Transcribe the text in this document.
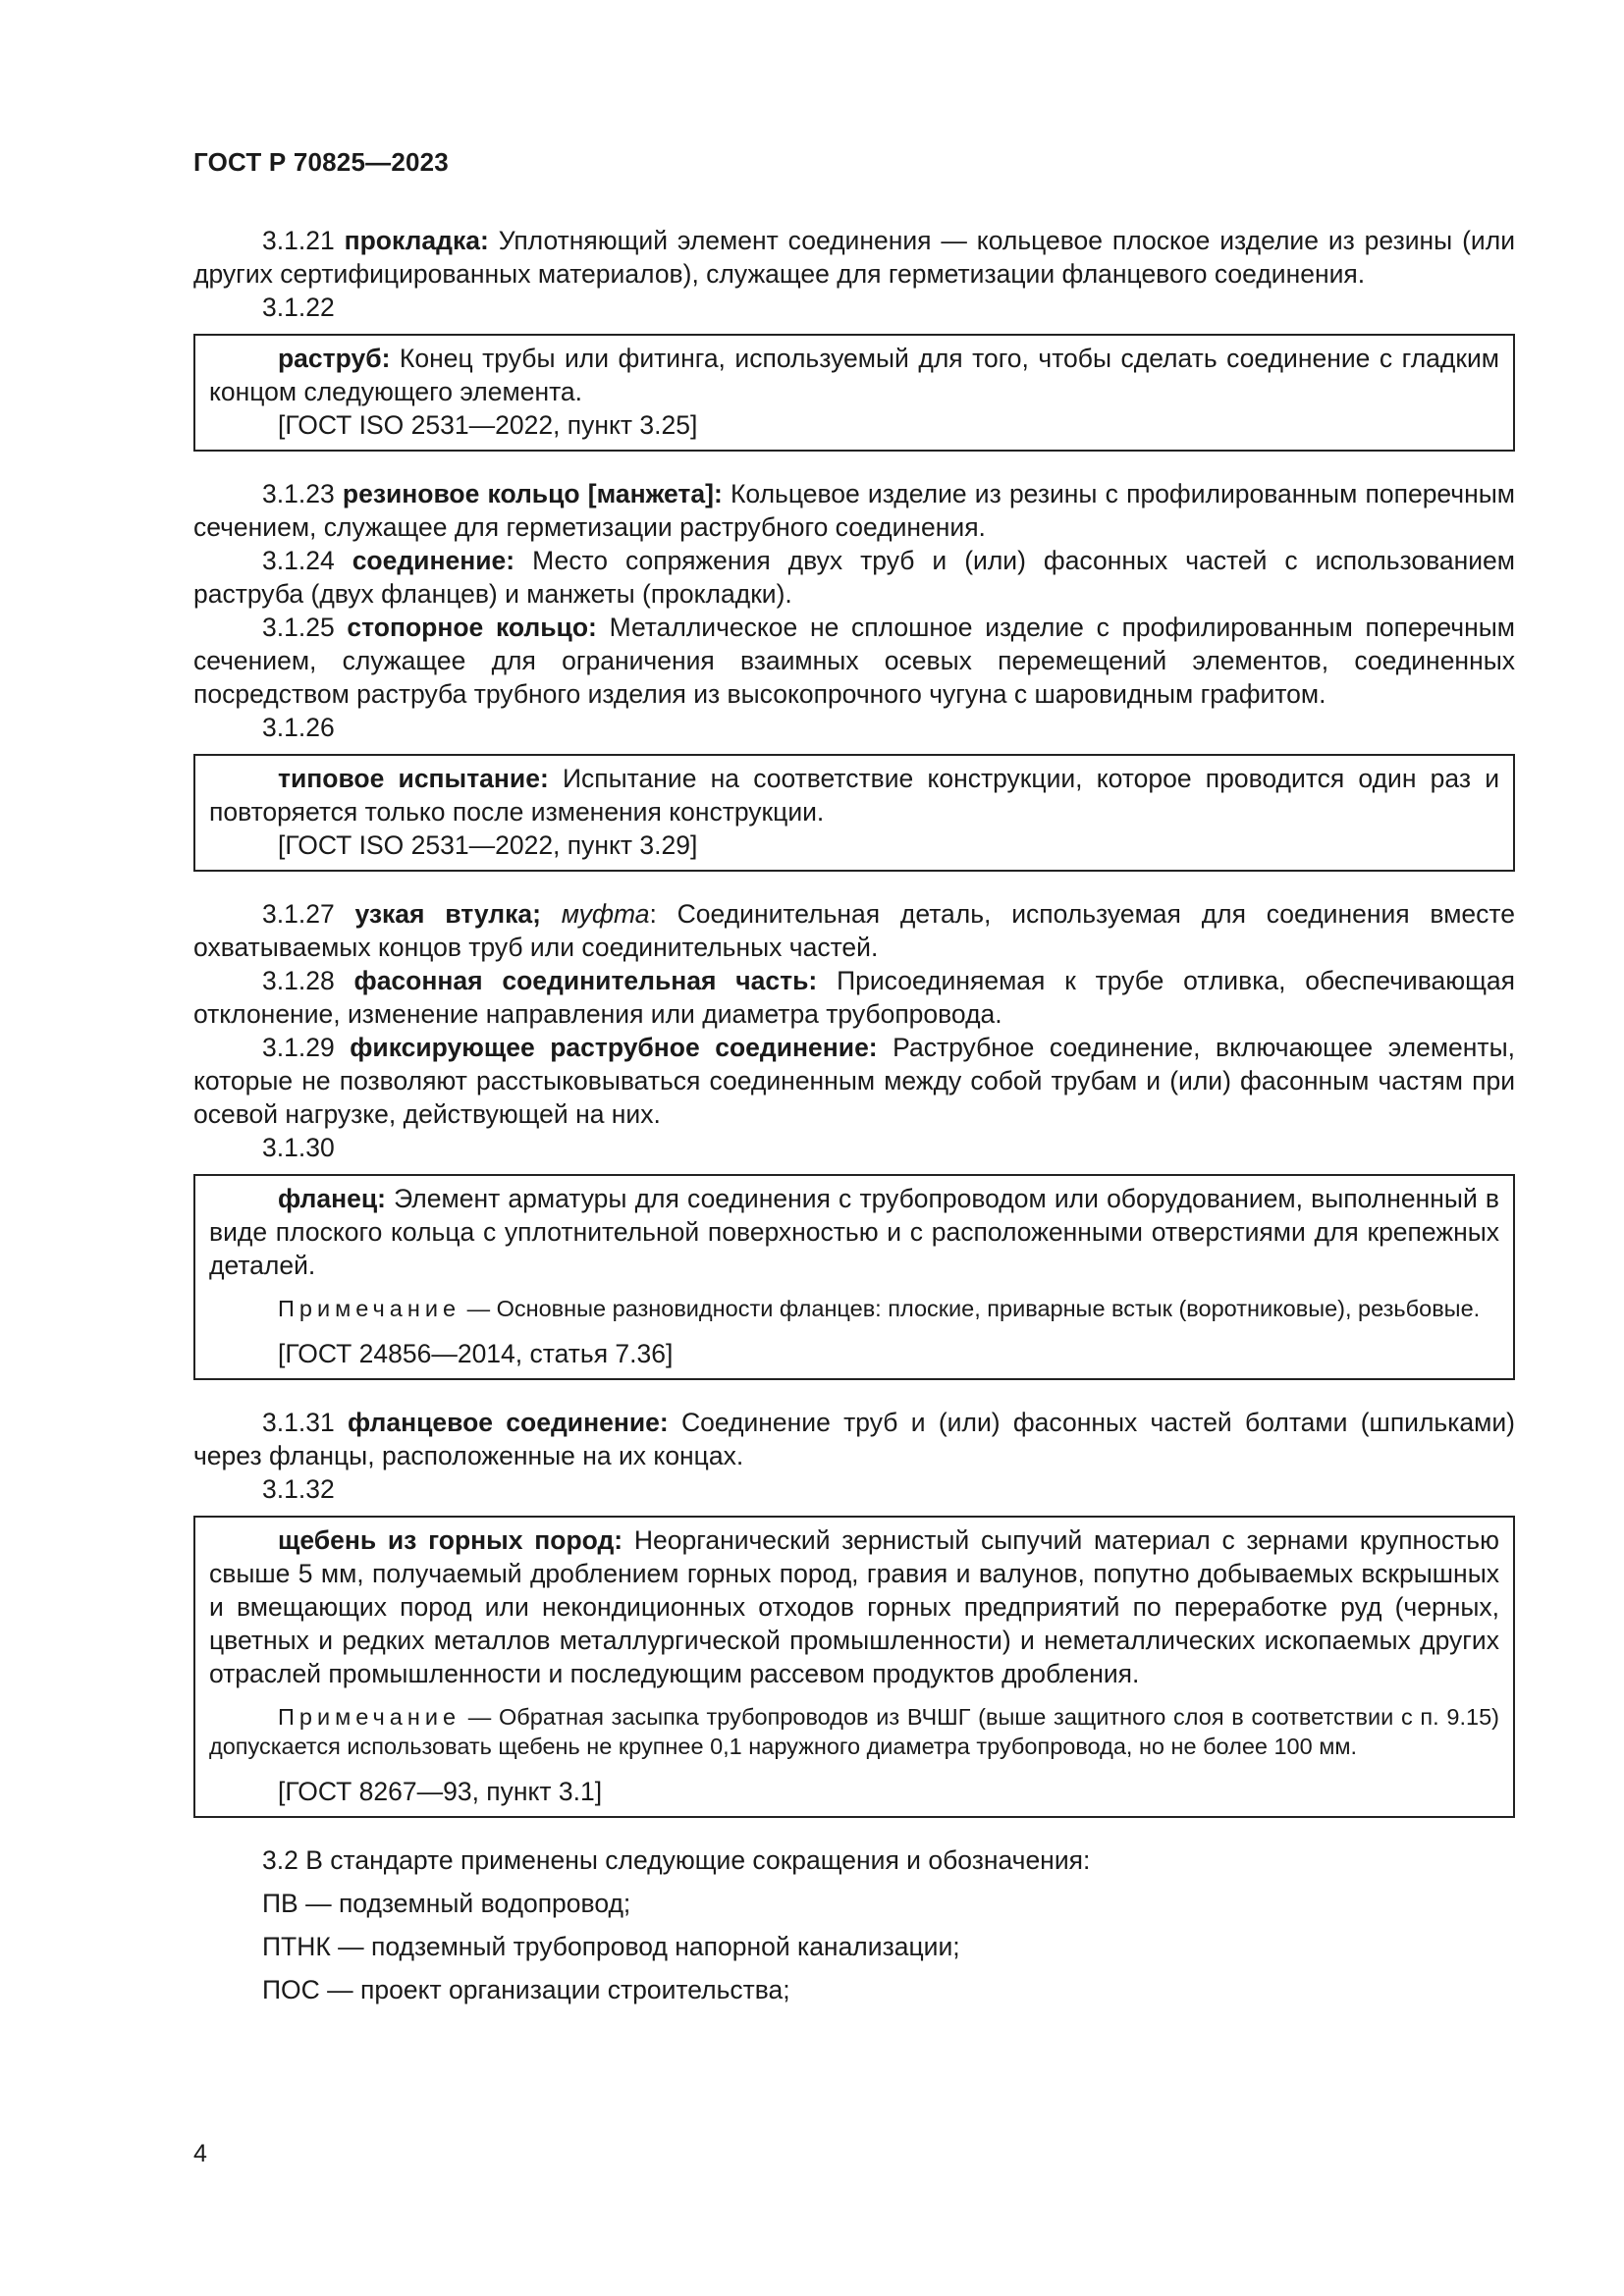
ГОСТ Р 70825—2023

3.1.21 прокладка: Уплотняющий элемент соединения — кольцевое плоское изделие из резины (или других сертифицированных материалов), служащее для герметизации фланцевого соединения.

3.1.22

раструб: Конец трубы или фитинга, используемый для того, чтобы сделать соединение с гладким концом следующего элемента.

[ГОСТ ISO 2531—2022, пункт 3.25]

3.1.23 резиновое кольцо [манжета]: Кольцевое изделие из резины с профилированным поперечным сечением, служащее для герметизации раструбного соединения.

3.1.24 соединение: Место сопряжения двух труб и (или) фасонных частей с использованием раструба (двух фланцев) и манжеты (прокладки).

3.1.25 стопорное кольцо: Металлическое не сплошное изделие с профилированным поперечным сечением, служащее для ограничения взаимных осевых перемещений элементов, соединенных посредством раструба трубного изделия из высокопрочного чугуна с шаровидным графитом.

3.1.26

типовое испытание: Испытание на соответствие конструкции, которое проводится один раз и повторяется только после изменения конструкции.

[ГОСТ ISO 2531—2022, пункт 3.29]

3.1.27 узкая втулка; муфта: Соединительная деталь, используемая для соединения вместе охватываемых концов труб или соединительных частей.

3.1.28 фасонная соединительная часть: Присоединяемая к трубе отливка, обеспечивающая отклонение, изменение направления или диаметра трубопровода.

3.1.29 фиксирующее раструбное соединение: Раструбное соединение, включающее элементы, которые не позволяют расстыковываться соединенным между собой трубам и (или) фасонным частям при осевой нагрузке, действующей на них.

3.1.30

фланец: Элемент арматуры для соединения с трубопроводом или оборудованием, выполненный в виде плоского кольца с уплотнительной поверхностью и с расположенными отверстиями для крепежных деталей.

Примечание — Основные разновидности фланцев: плоские, приварные встык (воротниковые), резьбовые.

[ГОСТ 24856—2014, статья 7.36]

3.1.31 фланцевое соединение: Соединение труб и (или) фасонных частей болтами (шпильками) через фланцы, расположенные на их концах.

3.1.32

щебень из горных пород: Неорганический зернистый сыпучий материал с зернами крупностью свыше 5 мм, получаемый дроблением горных пород, гравия и валунов, попутно добываемых вскрышных и вмещающих пород или некондиционных отходов горных предприятий по переработке руд (черных, цветных и редких металлов металлургической промышленности) и неметаллических ископаемых других отраслей промышленности и последующим рассевом продуктов дробления.

Примечание — Обратная засыпка трубопроводов из ВЧШГ (выше защитного слоя в соответствии с п. 9.15) допускается использовать щебень не крупнее 0,1 наружного диаметра трубопровода, но не более 100 мм.

[ГОСТ 8267—93, пункт 3.1]

3.2 В стандарте применены следующие сокращения и обозначения:

ПВ — подземный водопровод;

ПТНК — подземный трубопровод напорной канализации;

ПОС — проект организации строительства;

4
